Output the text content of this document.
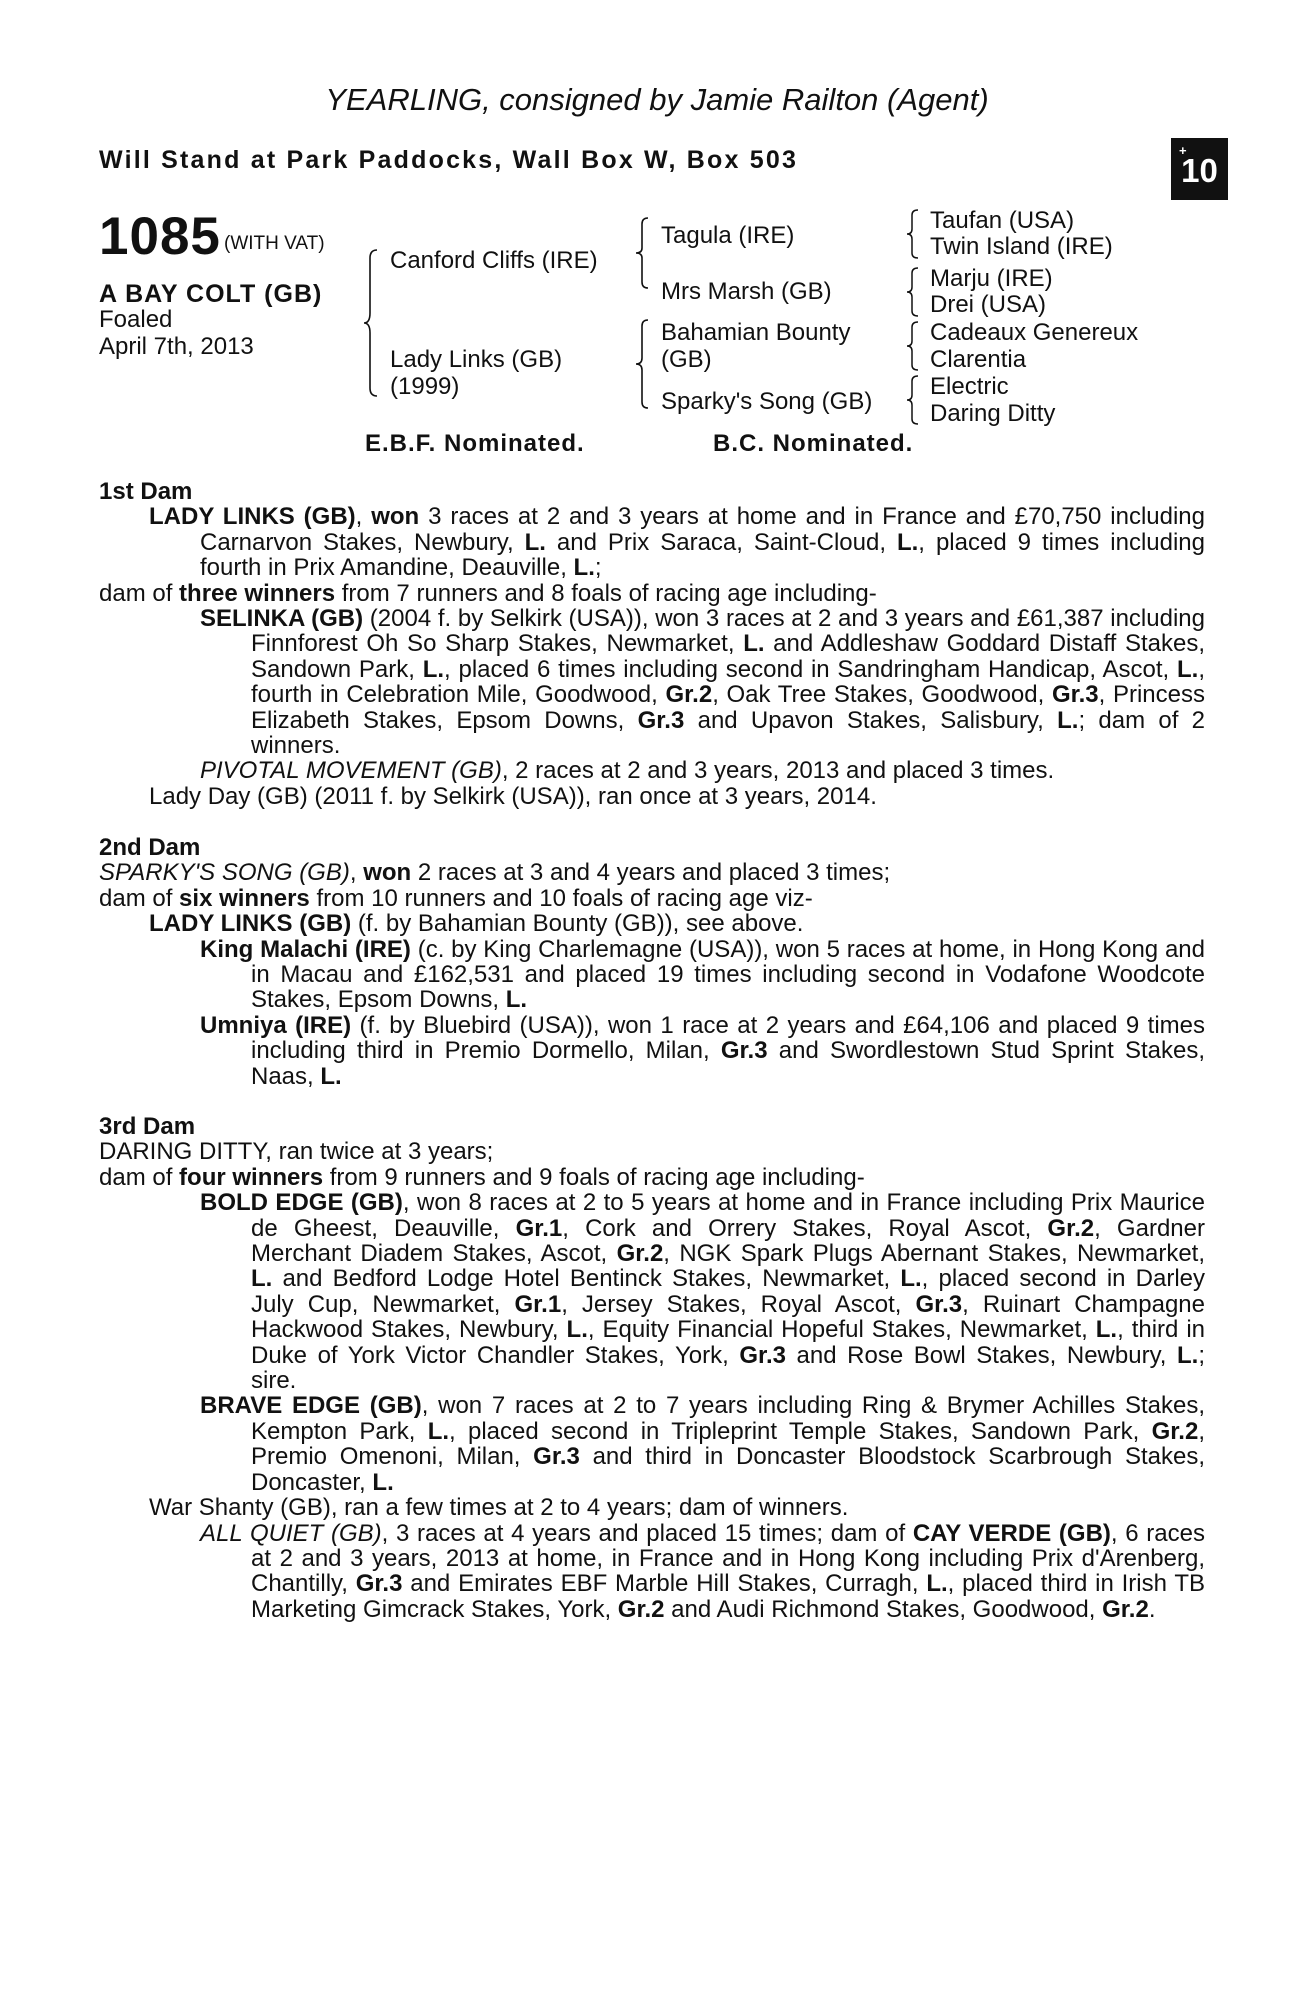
YEARLING, consigned by Jamie Railton (Agent)
Will Stand at Park Paddocks, Wall Box W, Box 503	+
10
1085 (WITH VAT)
A BAY COLT (GB)
Foaled
April 7th, 2013
Canford Cliffs (IRE)
Lady Links (GB)
(1999)
Tagula (IRE)
Mrs Marsh (GB)
Bahamian Bounty
(GB)
Sparky's Song (GB)
Taufan (USA)
Twin Island (IRE)
Marju (IRE)
Drei (USA)
Cadeaux Genereux
Clarentia
Electric
Daring Ditty
E.B.F. Nominated.	B.C. Nominated.

1st Dam

LADY LINKS (GB), won 3 races at 2 and 3 years at home and in France and £70,750 including Carnarvon Stakes, Newbury, L. and Prix Saraca, Saint-Cloud, L., placed 9 times including fourth in Prix Amandine, Deauville, L.;

dam of three winners from 7 runners and 8 foals of racing age including-

SELINKA (GB) (2004 f. by Selkirk (USA)), won 3 races at 2 and 3 years and £61,387 including Finnforest Oh So Sharp Stakes, Newmarket, L. and Addleshaw Goddard Distaff Stakes, Sandown Park, L., placed 6 times including second in Sandringham Handicap, Ascot, L., fourth in Celebration Mile, Goodwood, Gr.2, Oak Tree Stakes, Goodwood, Gr.3, Princess Elizabeth Stakes, Epsom Downs, Gr.3 and Upavon Stakes, Salisbury, L.; dam of 2 winners.

PIVOTAL MOVEMENT (GB), 2 races at 2 and 3 years, 2013 and placed 3 times.

Lady Day (GB) (2011 f. by Selkirk (USA)), ran once at 3 years, 2014.

2nd Dam

SPARKY'S SONG (GB), won 2 races at 3 and 4 years and placed 3 times;

dam of six winners from 10 runners and 10 foals of racing age viz-

LADY LINKS (GB) (f. by Bahamian Bounty (GB)), see above.

King Malachi (IRE) (c. by King Charlemagne (USA)), won 5 races at home, in Hong Kong and in Macau and £162,531 and placed 19 times including second in Vodafone Woodcote Stakes, Epsom Downs, L.

Umniya (IRE) (f. by Bluebird (USA)), won 1 race at 2 years and £64,106 and placed 9 times including third in Premio Dormello, Milan, Gr.3 and Swordlestown Stud Sprint Stakes, Naas, L.

3rd Dam

DARING DITTY, ran twice at 3 years;

dam of four winners from 9 runners and 9 foals of racing age including-

BOLD EDGE (GB), won 8 races at 2 to 5 years at home and in France including Prix Maurice de Gheest, Deauville, Gr.1, Cork and Orrery Stakes, Royal Ascot, Gr.2, Gardner Merchant Diadem Stakes, Ascot, Gr.2, NGK Spark Plugs Abernant Stakes, Newmarket, L. and Bedford Lodge Hotel Bentinck Stakes, Newmarket, L., placed second in Darley July Cup, Newmarket, Gr.1, Jersey Stakes, Royal Ascot, Gr.3, Ruinart Champagne Hackwood Stakes, Newbury, L., Equity Financial Hopeful Stakes, Newmarket, L., third in Duke of York Victor Chandler Stakes, York, Gr.3 and Rose Bowl Stakes, Newbury, L.; sire.

BRAVE EDGE (GB), won 7 races at 2 to 7 years including Ring & Brymer Achilles Stakes, Kempton Park, L., placed second in Tripleprint Temple Stakes, Sandown Park, Gr.2, Premio Omenoni, Milan, Gr.3 and third in Doncaster Bloodstock Scarbrough Stakes, Doncaster, L.

War Shanty (GB), ran a few times at 2 to 4 years; dam of winners.

ALL QUIET (GB), 3 races at 4 years and placed 15 times; dam of CAY VERDE (GB), 6 races at 2 and 3 years, 2013 at home, in France and in Hong Kong including Prix d'Arenberg, Chantilly, Gr.3 and Emirates EBF Marble Hill Stakes, Curragh, L., placed third in Irish TB Marketing Gimcrack Stakes, York, Gr.2 and Audi Richmond Stakes, Goodwood, Gr.2.
